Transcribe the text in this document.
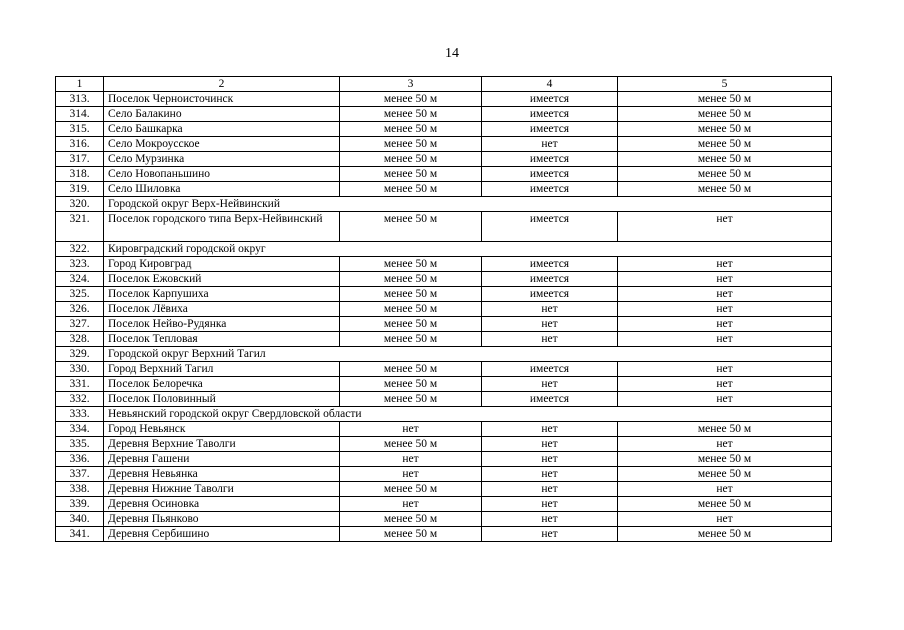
14
1	2	3	4	5
313.	Поселок Черноисточинск	менее 50 м	имеется	менее 50 м
314.	Село Балакино	менее 50 м	имеется	менее 50 м
315.	Село Башкарка	менее 50 м	имеется	менее 50 м
316.	Село Мокроусское	менее 50 м	нет	менее 50 м
317.	Село Мурзинка	менее 50 м	имеется	менее 50 м
318.	Село Новопаньшино	менее 50 м	имеется	менее 50 м
319.	Село Шиловка	менее 50 м	имеется	менее 50 м
320.	Городской округ Верх-Нейвинский			
321.	Поселок городского типа Верх-Нейвинский	менее 50 м	имеется	нет
322.	Кировградский городской округ			
323.	Город Кировград	менее 50 м	имеется	нет
324.	Поселок Ежовский	менее 50 м	имеется	нет
325.	Поселок Карпушиха	менее 50 м	имеется	нет
326.	Поселок Лёвиха	менее 50 м	нет	нет
327.	Поселок Нейво-Рудянка	менее 50 м	нет	нет
328.	Поселок Тепловая	менее 50 м	нет	нет
329.	Городской округ Верхний Тагил			
330.	Город Верхний Тагил	менее 50 м	имеется	нет
331.	Поселок Белоречка	менее 50 м	нет	нет
332.	Поселок Половинный	менее 50 м	имеется	нет
333.	Невьянский городской округ Свердловской области			
334.	Город Невьянск	нет	нет	менее 50 м
335.	Деревня Верхние Таволги	менее 50 м	нет	нет
336.	Деревня Гашени	нет	нет	менее 50 м
337.	Деревня Невьянка	нет	нет	менее 50 м
338.	Деревня Нижние Таволги	менее 50 м	нет	нет
339.	Деревня Осиновка	нет	нет	менее 50 м
340.	Деревня Пьянково	менее 50 м	нет	нет
341.	Деревня Сербишино	менее 50 м	нет	менее 50 м
